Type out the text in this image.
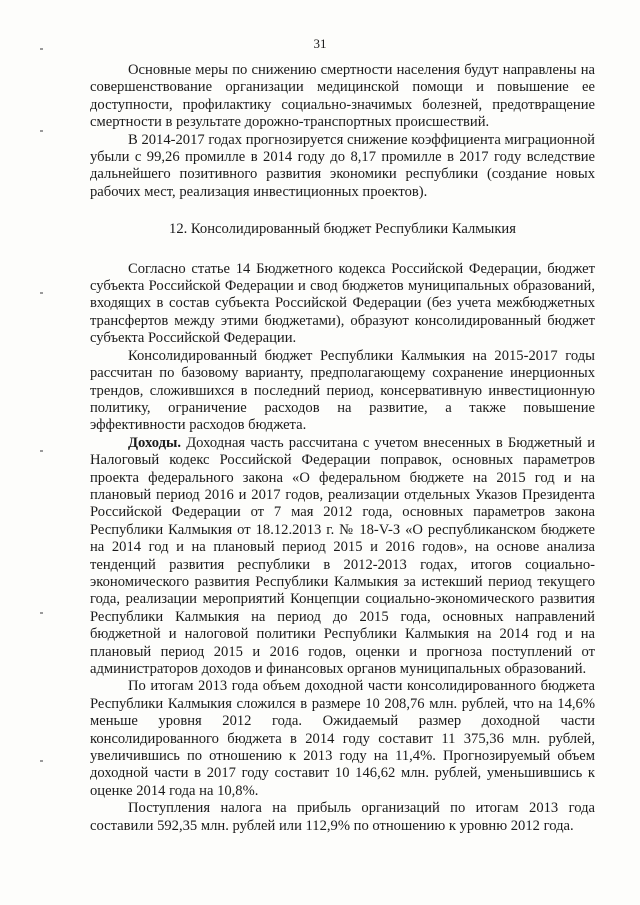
31

Основные меры по снижению смертности населения будут направлены на совершенствование организации медицинской помощи и повышение ее доступности, профилактику социально-значимых болезней, предотвращение смертности в результате дорожно-транспортных происшествий.

В 2014-2017 годах прогнозируется снижение коэффициента миграционной убыли с 99,26 промилле в 2014 году до 8,17 промилле в 2017 году вследствие дальнейшего позитивного развития экономики республики (создание новых рабочих мест, реализация инвестиционных проектов).

12. Консолидированный бюджет Республики Калмыкия

Согласно статье 14 Бюджетного кодекса Российской Федерации, бюджет субъекта Российской Федерации и свод бюджетов муниципальных образований, входящих в состав субъекта Российской Федерации (без учета межбюджетных трансфертов между этими бюджетами), образуют консолидированный бюджет субъекта Российской Федерации.

Консолидированный бюджет Республики Калмыкия на 2015-2017 годы рассчитан по базовому варианту, предполагающему сохранение инерционных трендов, сложившихся в последний период, консервативную инвестиционную политику, ограничение расходов на развитие, а также повышение эффективности расходов бюджета.

Доходы. Доходная часть рассчитана с учетом внесенных в Бюджетный и Налоговый кодекс Российской Федерации поправок, основных параметров проекта федерального закона «О федеральном бюджете на 2015 год и на плановый период 2016 и 2017 годов, реализации отдельных Указов Президента Российской Федерации от 7 мая 2012 года, основных параметров закона Республики Калмыкия от 18.12.2013 г. № 18-V-З «О республиканском бюджете на 2014 год и на плановый период 2015 и 2016 годов», на основе анализа тенденций развития республики в 2012-2013 годах, итогов социально-экономического развития Республики Калмыкия за истекший период текущего года, реализации мероприятий Концепции социально-экономического развития Республики Калмыкия на период до 2015 года, основных направлений бюджетной и налоговой политики Республики Калмыкия на 2014 год и на плановый период 2015 и 2016 годов, оценки и прогноза поступлений от администраторов доходов и финансовых органов муниципальных образований.

По итогам 2013 года объем доходной части консолидированного бюджета Республики Калмыкия сложился в размере 10 208,76 млн. рублей, что на 14,6% меньше уровня 2012 года. Ожидаемый размер доходной части консолидированного бюджета в 2014 году составит 11 375,36 млн. рублей, увеличившись по отношению к 2013 году на 11,4%. Прогнозируемый объем доходной части в 2017 году составит 10 146,62 млн. рублей, уменьшившись к оценке 2014 года на 10,8%.

Поступления налога на прибыль организаций по итогам 2013 года составили 592,35 млн. рублей или 112,9% по отношению к уровню 2012 года.
